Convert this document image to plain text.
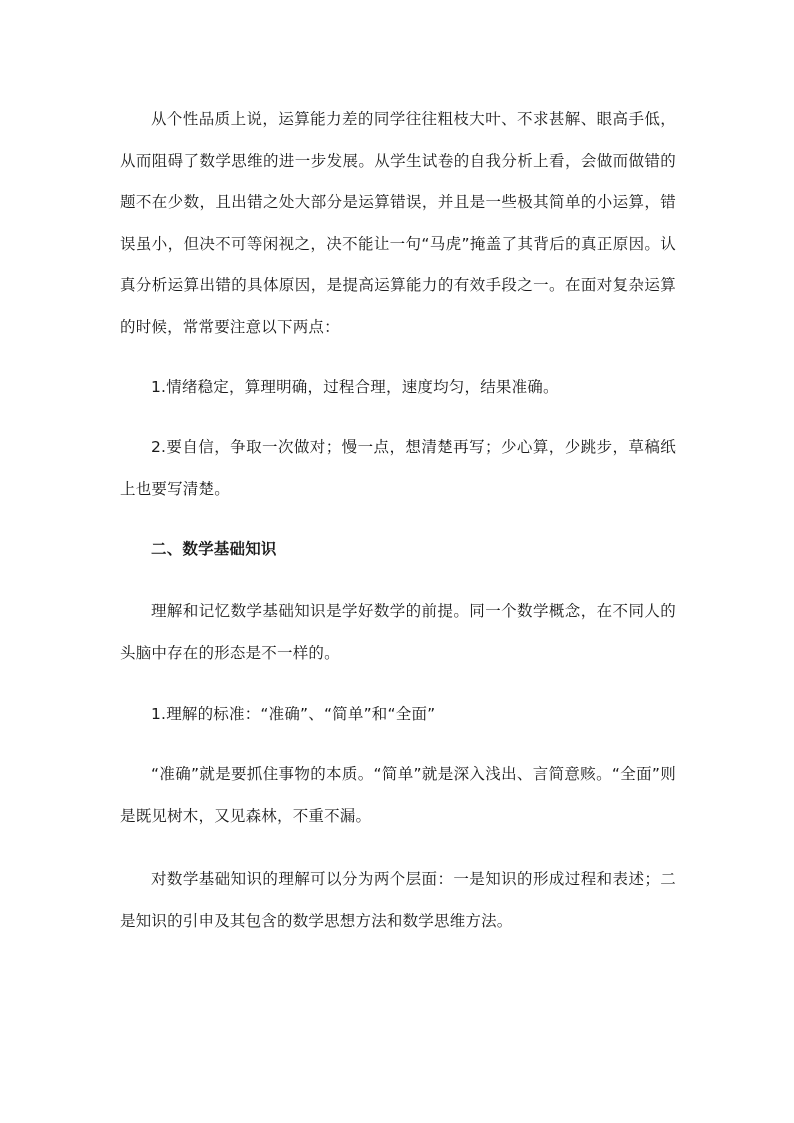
从个性品质上说，运算能力差的同学往往粗枝大叶、不求甚解、眼高手低，从而阻碍了数学思维的进一步发展。从学生试卷的自我分析上看，会做而做错的题不在少数，且出错之处大部分是运算错误，并且是一些极其简单的小运算，错误虽小，但决不可等闲视之，决不能让一句“马虎”掩盖了其背后的真正原因。认真分析运算出错的具体原因，是提高运算能力的有效手段之一。在面对复杂运算的时候，常常要注意以下两点：

1.情绪稳定，算理明确，过程合理，速度均匀，结果准确。

2.要自信，争取一次做对；慢一点，想清楚再写；少心算，少跳步，草稿纸上也要写清楚。

二、数学基础知识

理解和记忆数学基础知识是学好数学的前提。同一个数学概念，在不同人的头脑中存在的形态是不一样的。

1.理解的标准：“准确”、“简单”和“全面”

“准确”就是要抓住事物的本质。“简单”就是深入浅出、言简意赅。“全面”则是既见树木，又见森林，不重不漏。

对数学基础知识的理解可以分为两个层面：一是知识的形成过程和表述；二是知识的引申及其包含的数学思想方法和数学思维方法。
